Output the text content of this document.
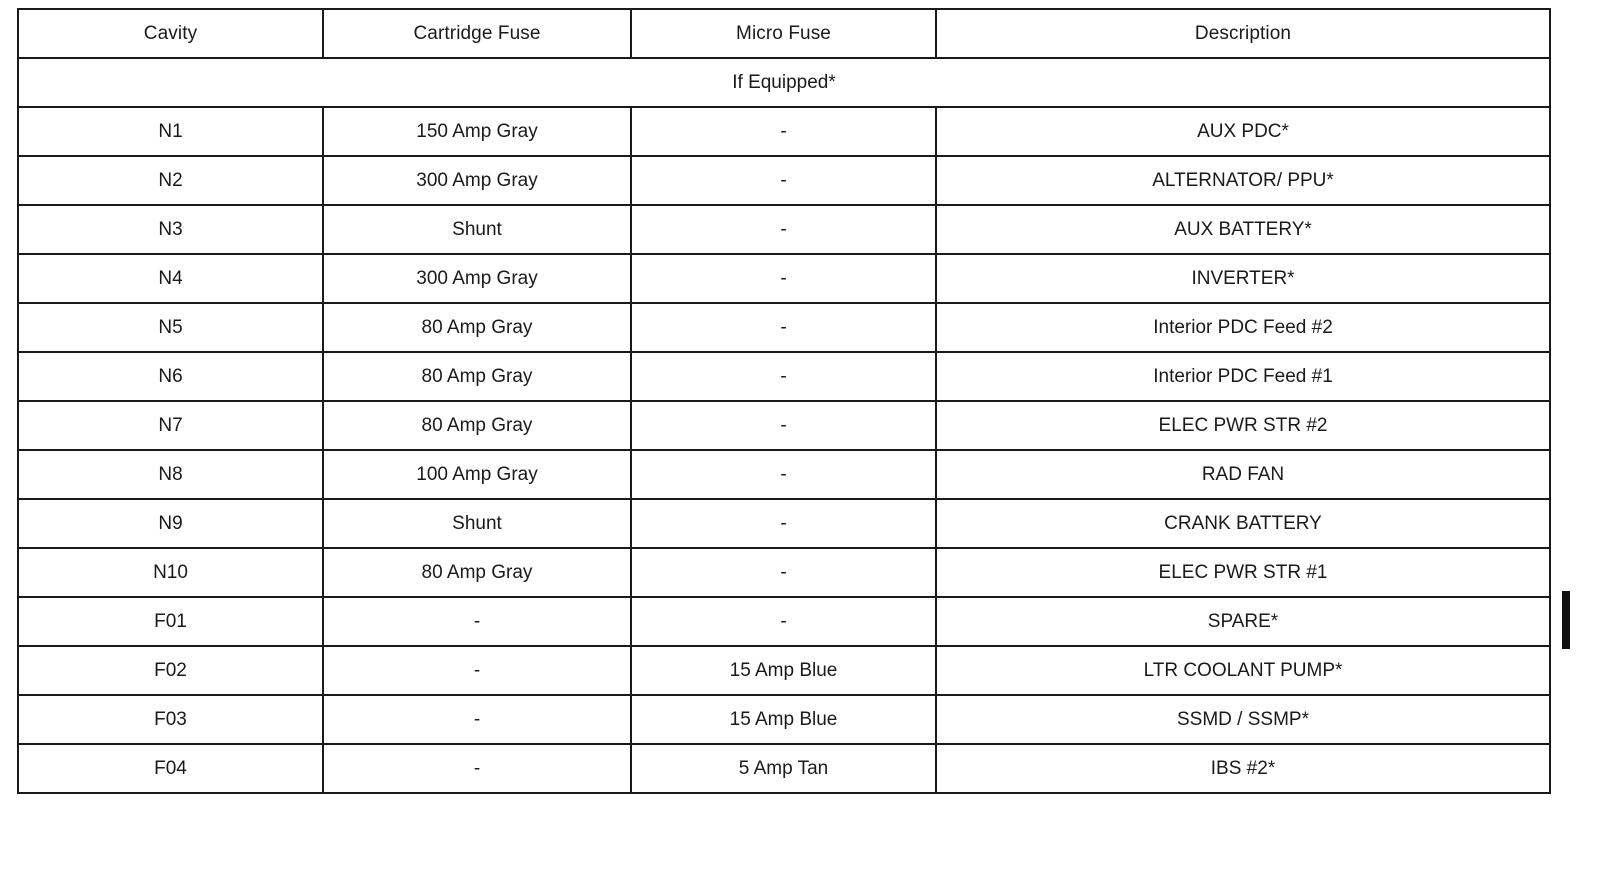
Cavity	Cartridge Fuse	Micro Fuse	Description
If Equipped*			
N1	150 Amp Gray	-	AUX PDC*
N2	300 Amp Gray	-	ALTERNATOR/ PPU*
N3	Shunt	-	AUX BATTERY*
N4	300 Amp Gray	-	INVERTER*
N5	80 Amp Gray	-	Interior PDC Feed #2
N6	80 Amp Gray	-	Interior PDC Feed #1
N7	80 Amp Gray	-	ELEC PWR STR #2
N8	100 Amp Gray	-	RAD FAN
N9	Shunt	-	CRANK BATTERY
N10	80 Amp Gray	-	ELEC PWR STR #1
F01	-	-	SPARE*
F02	-	15 Amp Blue	LTR COOLANT PUMP*
F03	-	15 Amp Blue	SSMD / SSMP*
F04	-	5 Amp Tan	IBS #2*
